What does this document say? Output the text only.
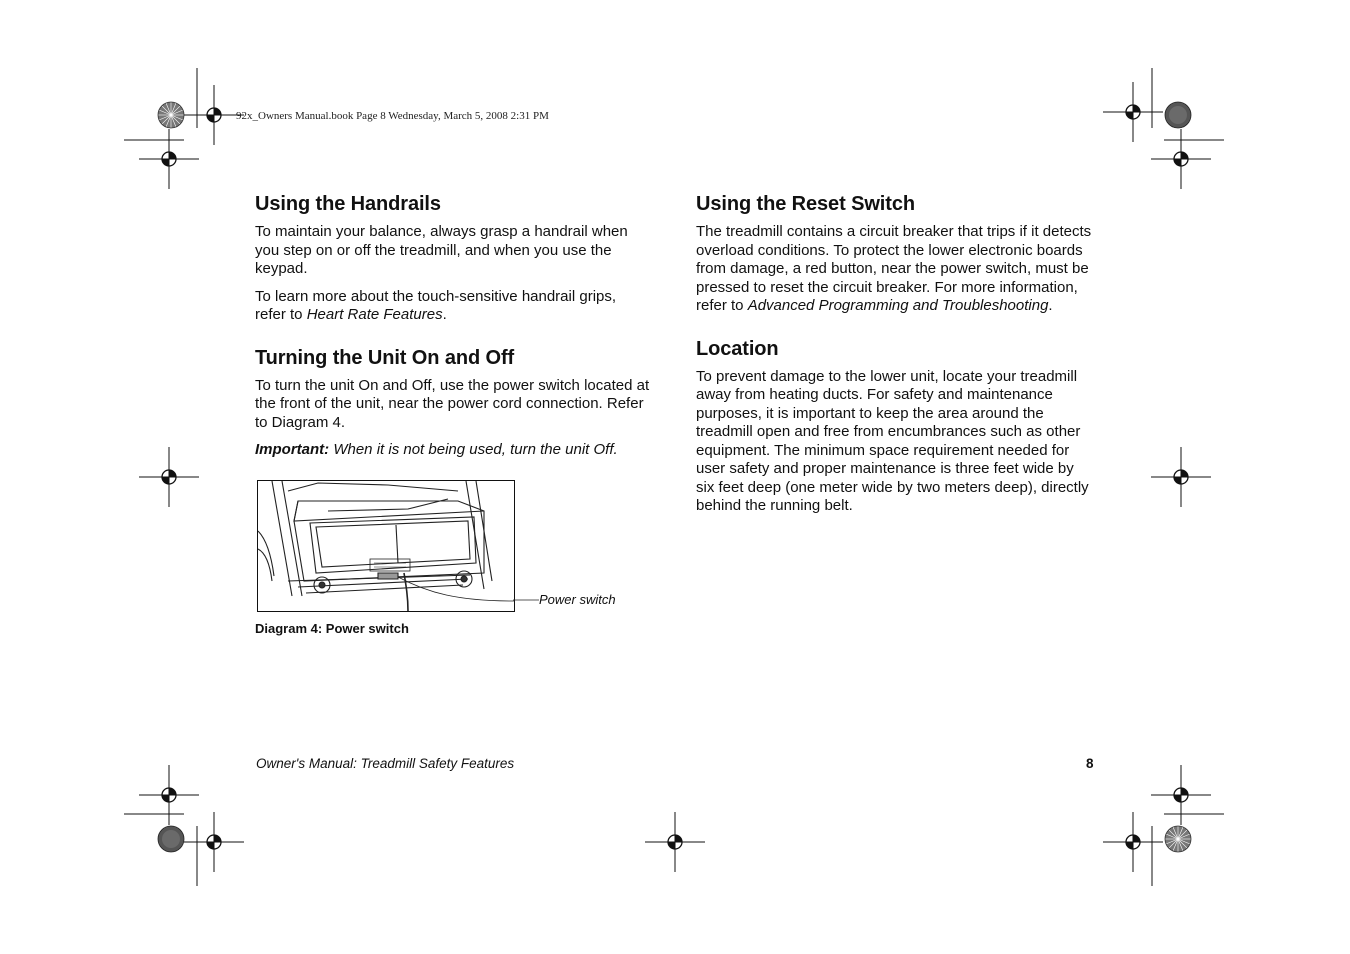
92x_Owners Manual.book Page 8 Wednesday, March 5, 2008 2:31 PM
Using the Handrails

To maintain your balance, always grasp a handrail when you step on or off the treadmill, and when you use the keypad.

To learn more about the touch-sensitive handrail grips, refer to Heart Rate Features.

Turning the Unit On and Off

To turn the unit On and Off, use the power switch located at the front of the unit, near the power cord connection. Refer to Diagram 4.

Important: When it is not being used, turn the unit Off.

Power switch
Diagram 4: Power switch
Using the Reset Switch

The treadmill contains a circuit breaker that trips if it detects overload conditions. To protect the lower electronic boards from damage, a red button, near the power switch, must be pressed to reset the circuit breaker. For more information, refer to Advanced Programming and Troubleshooting.

Location

To prevent damage to the lower unit, locate your treadmill away from heating ducts. For safety and maintenance purposes, it is important to keep the area around the treadmill open and free from encumbrances such as other equipment. The minimum space requirement needed for user safety and proper maintenance is three feet wide by six feet deep (one meter wide by two meters deep), directly behind the running belt.

Owner's Manual: Treadmill Safety Features	8
